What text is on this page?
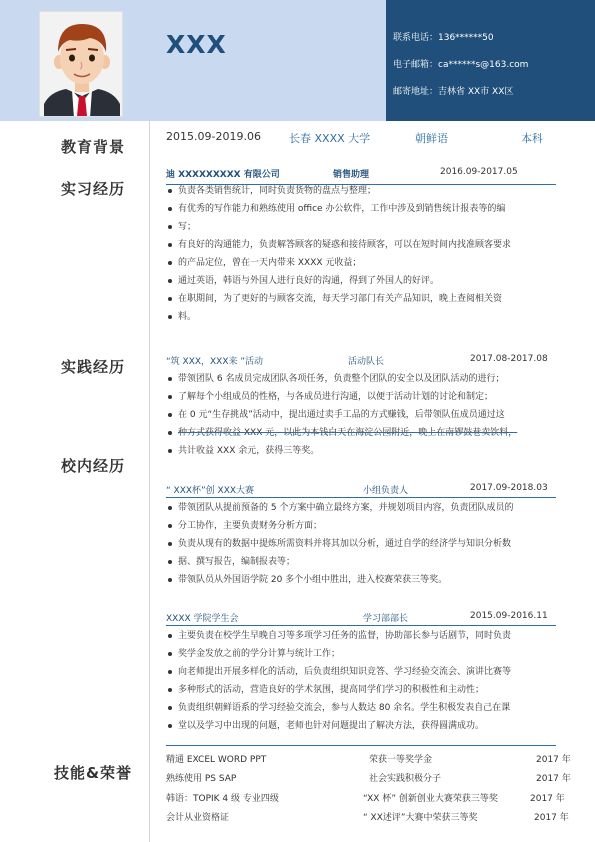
XXX	联系电话：136******50
电子邮箱：ca******s@163.com
邮寄地址：吉林省 XX市 XX区
教育背景
实习经历
实践经历
校内经历
技能&荣誉
2015.09-2019.06	长春 XXXX 大学	朝鲜语	本科
迪 XXXXXXXXX 有限公司	销售助理	2016.09-2017.05
负责各类销售统计，同时负责货物的盘点与整理；
有优秀的写作能力和熟练使用 office 办公软件，工作中涉及到销售统计报表等的编
写；
有良好的沟通能力，负责解答顾客的疑惑和接待顾客，可以在短时间内找准顾客要求
的产品定位，曾在一天内带来 XXXX 元收益；
通过英语，韩语与外国人进行良好的沟通，得到了外国人的好评。
在职期间，为了更好的与顾客交流，每天学习部门有关产品知识，晚上查阅相关资
料。
“筑 XXX，XXX来 ”活动	活动队长	2017.08-2017.08
带领团队 6 名成员完成团队各项任务，负责整个团队的安全以及团队活动的进行；
了解每个小组成员的性格，与各成员进行沟通，以便于活动计划的讨论和制定；
在 0 元“生存挑战”活动中，提出通过卖手工品的方式赚钱，后带领队伍成员通过这
种方式获得收益 XXX 元，以此为本钱白天在海淀公园附近，晚上在南锣鼓巷卖饮料，
共计收益 XXX 余元，获得三等奖。
“ XXX杯”创 XXX大赛	小组负责人	2017.09-2018.03
带领团队从提前预备的 5 个方案中确立最终方案，并规划项目内容，负责团队成员的
分工协作，主要负责财务分析方面；
负责从现有的数据中提炼所需资料并将其加以分析，通过自学的经济学与知识分析数
据、撰写报告，编制报表等；
带领队员从外国语学院 20 多个小组中胜出，进入校赛荣获三等奖。
XXXX 学院学生会	学习部部长	2015.09-2016.11
主要负责在校学生早晚自习等多项学习任务的监督，协助部长参与话剧节，同时负责
奖学金发放之前的学分计算与统计工作；
向老师提出开展多样化的活动，后负责组织知识竞答、学习经验交流会、演讲比赛等
多种形式的活动，营造良好的学术氛围，提高同学们学习的积极性和主动性；
负责组织朝鲜语系的学习经验交流会，参与人数达 80 余名。学生积极发表自己在课
堂以及学习中出现的问题，老师也针对问题提出了解决方法，获得圆满成功。
精通 EXCEL WORD PPT	荣获一等奖学金	2017 年
熟练使用 PS SAP	社会实践积极分子	2017 年
韩语：TOPIK 4 级 专业四级	“XX 杯” 创新创业大赛荣获三等奖	2017 年
会计从业资格证	“ XX述评”大赛中荣获三等奖	2017 年
